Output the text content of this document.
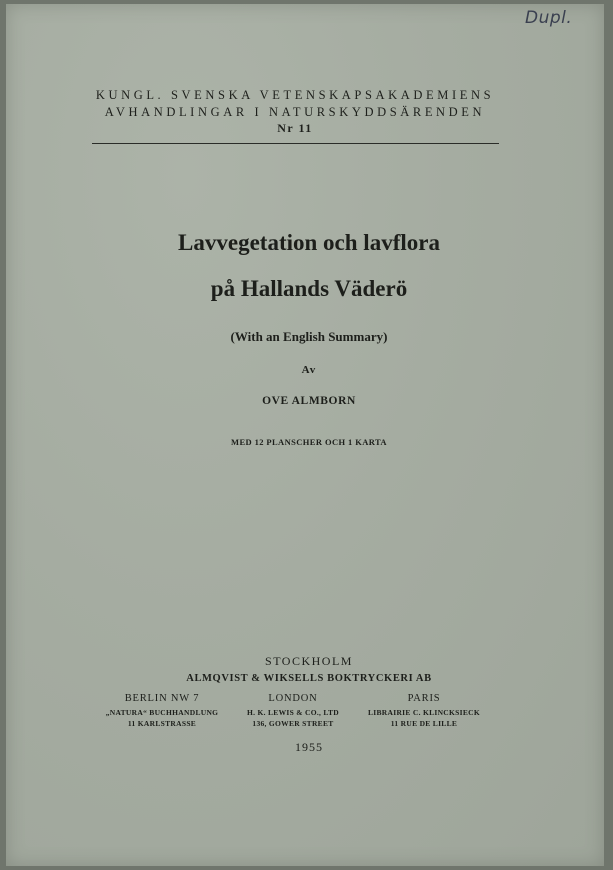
Dupl.
KUNGL. SVENSKA VETENSKAPSAKADEMIENS
AVHANDLINGAR I NATURSKYDDSÄRENDEN
Nr 11
Lavvegetation och lavflora
på Hallands Väderö
(With an English Summary)
Av
OVE ALMBORN
MED 12 PLANSCHER OCH 1 KARTA
STOCKHOLM
ALMQVIST & WIKSELLS BOKTRYCKERI AB
BERLIN NW 7
„NATURA“ BUCHHANDLUNG
11 KARLSTRASSE
LONDON
H. K. LEWIS & CO., LTD
136, GOWER STREET
PARIS
LIBRAIRIE C. KLINCKSIECK
11 RUE DE LILLE
1955
